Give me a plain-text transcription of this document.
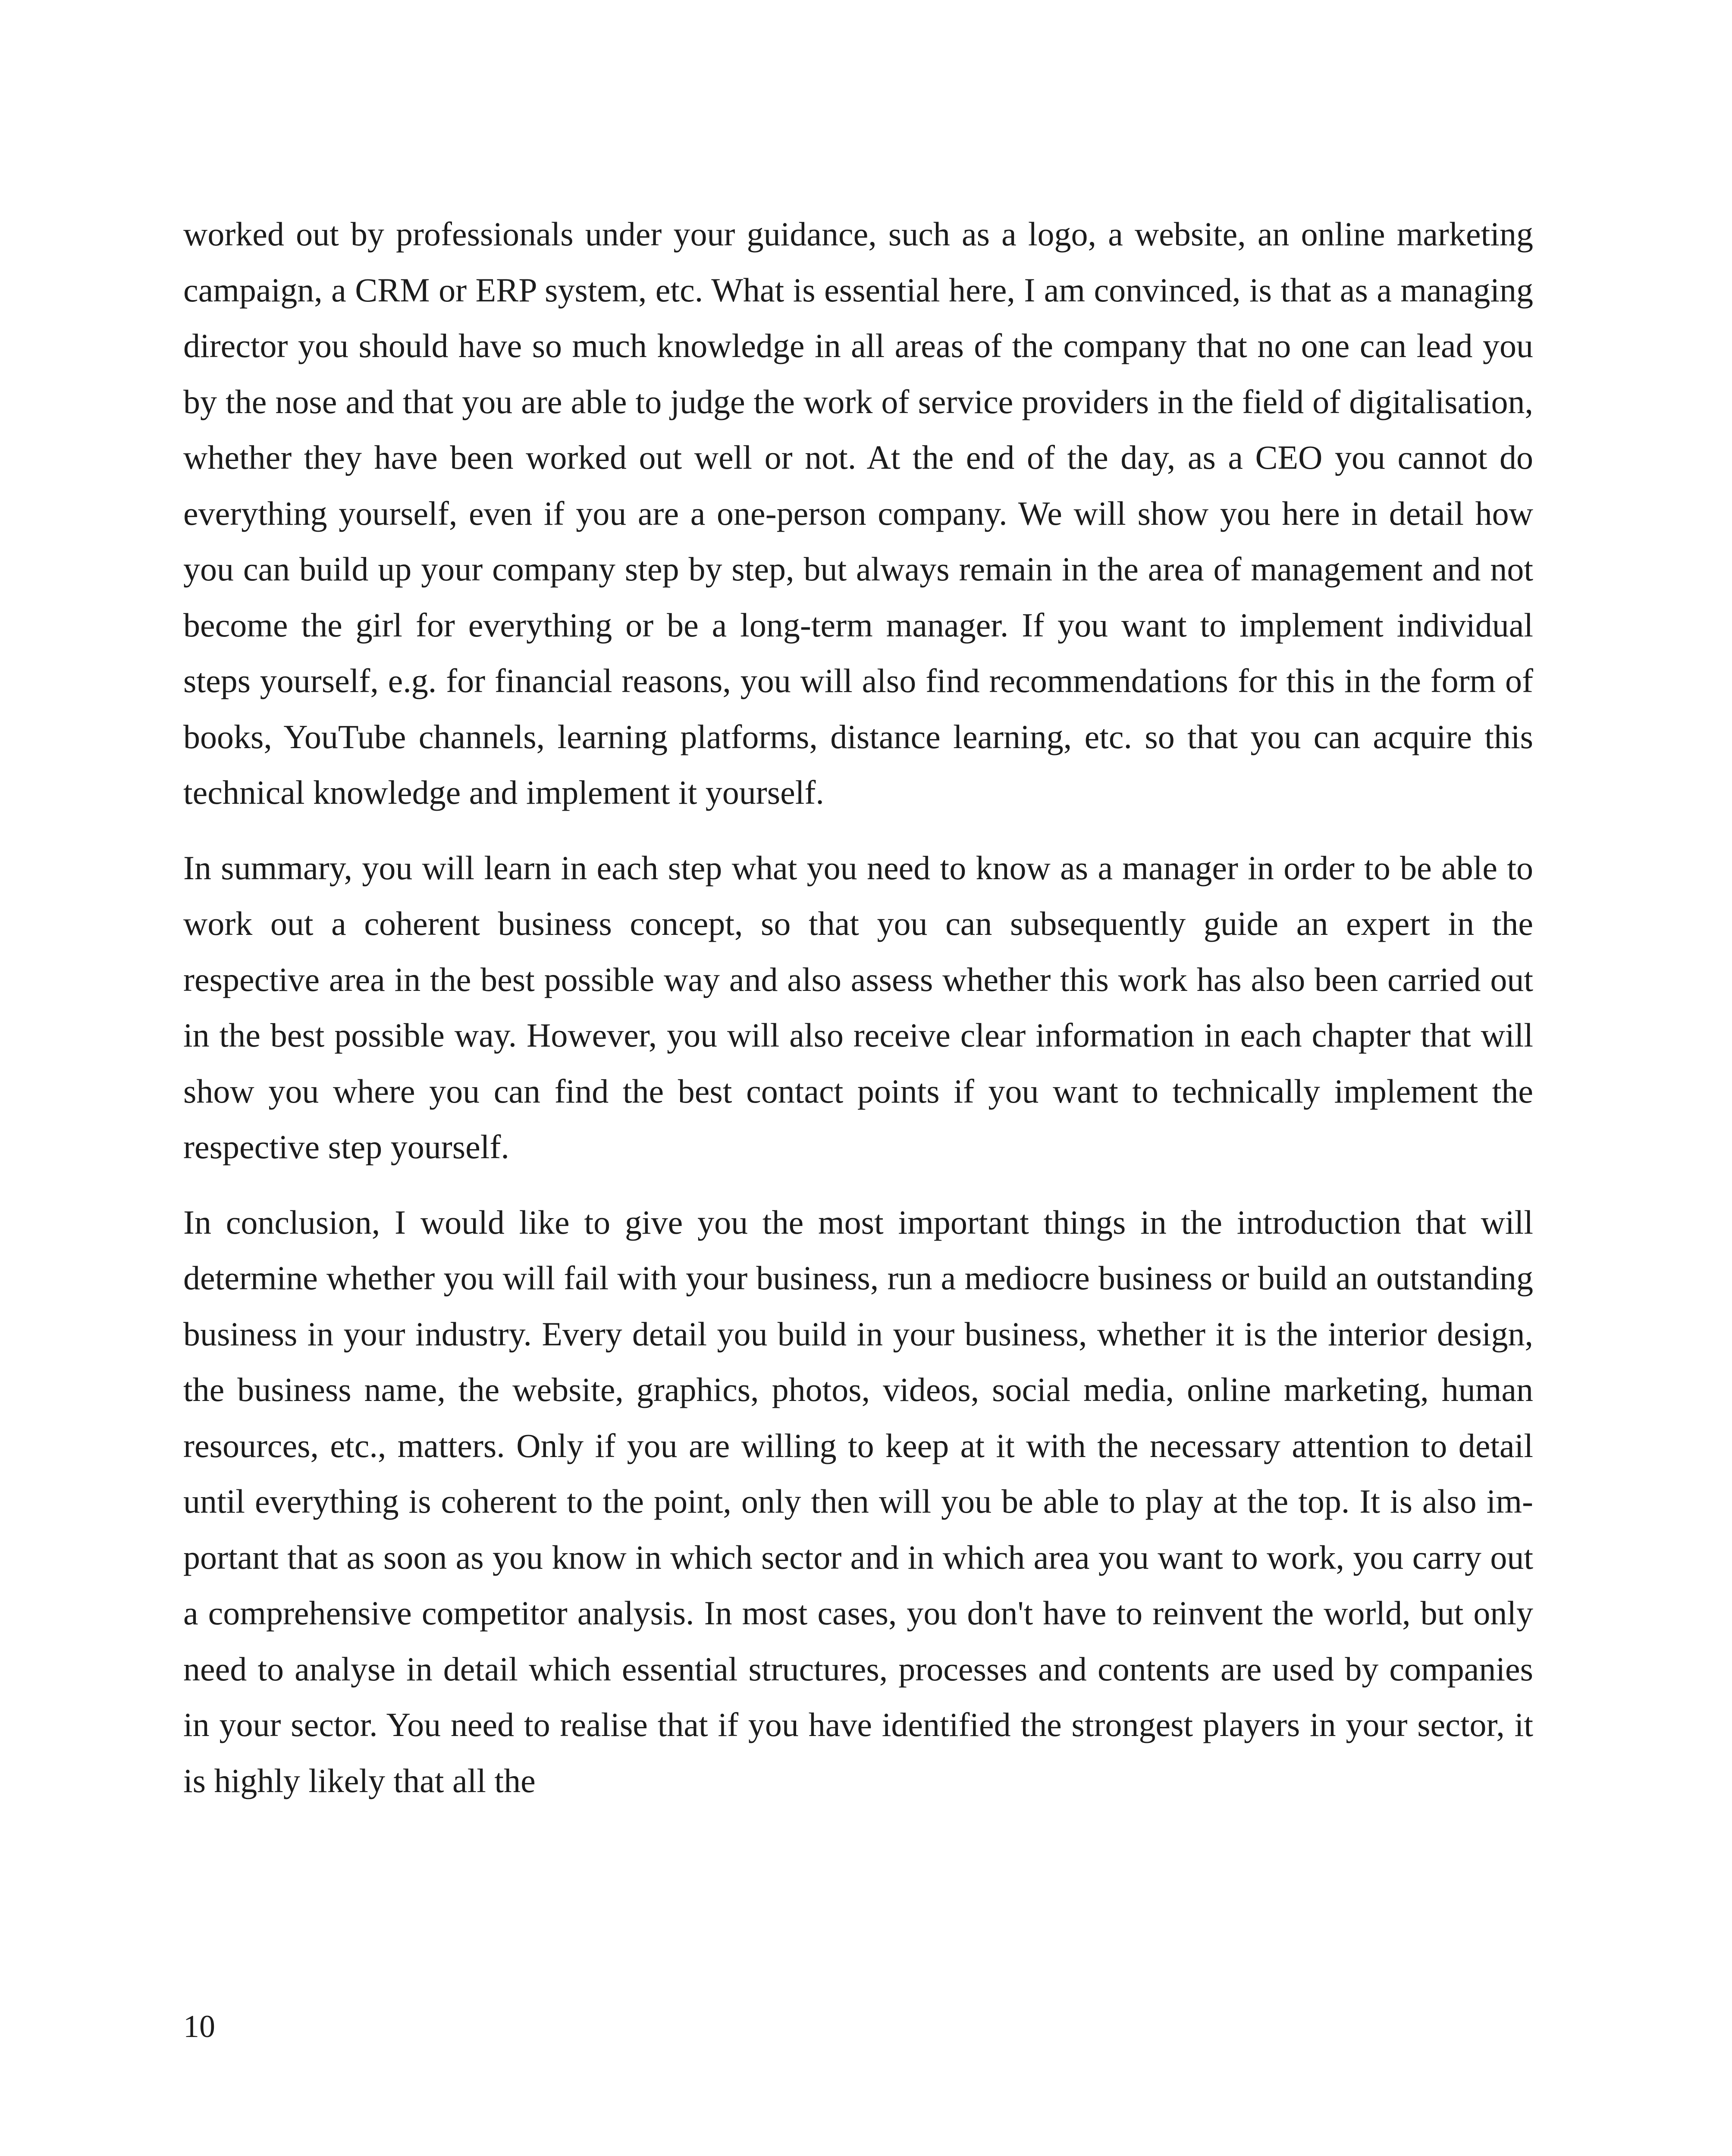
worked out by professionals under your guidance, such as a logo, a website, an online marketing campaign, a CRM or ERP system, etc. What is essential here, I am convinced, is that as a managing director you should have so much knowledge in all areas of the company that no one can lead you by the nose and that you are able to judge the work of service providers in the field of digitalisation, whether they have been worked out well or not. At the end of the day, as a CEO you cannot do everything yourself, even if you are a one-person company. We will show you here in detail how you can build up your company step by step, but always remain in the area of management and not become the girl for everything or be a long-term manager. If you want to implement individual steps yourself, e.g. for financial reasons, you will also find recommendations for this in the form of books, YouTube channels, learning platforms, distance learning, etc. so that you can acquire this technical knowledge and implement it yourself.

In summary, you will learn in each step what you need to know as a manager in order to be able to work out a coherent business concept, so that you can subsequently guide an expert in the respective area in the best possible way and also assess whether this work has also been carried out in the best possible way. However, you will also receive clear information in each chapter that will show you where you can find the best contact points if you want to technically implement the respective step yourself.

In conclusion, I would like to give you the most important things in the introduction that will determine whether you will fail with your business, run a mediocre business or build an outstanding business in your industry. Every detail you build in your business, whether it is the interior design, the business name, the website, graphics, photos, videos, social media, online marketing, human resources, etc., matters. Only if you are willing to keep at it with the necessary attention to detail until everything is coherent to the point, only then will you be able to play at the top. It is also important that as soon as you know in which sector and in which area you want to work, you carry out a comprehensive competitor analysis. In most cases, you don't have to reinvent the world, but only need to analyse in detail which essential structures, processes and contents are used by companies in your sector. You need to realise that if you have identified the strongest players in your sector, it is highly likely that all the

10
